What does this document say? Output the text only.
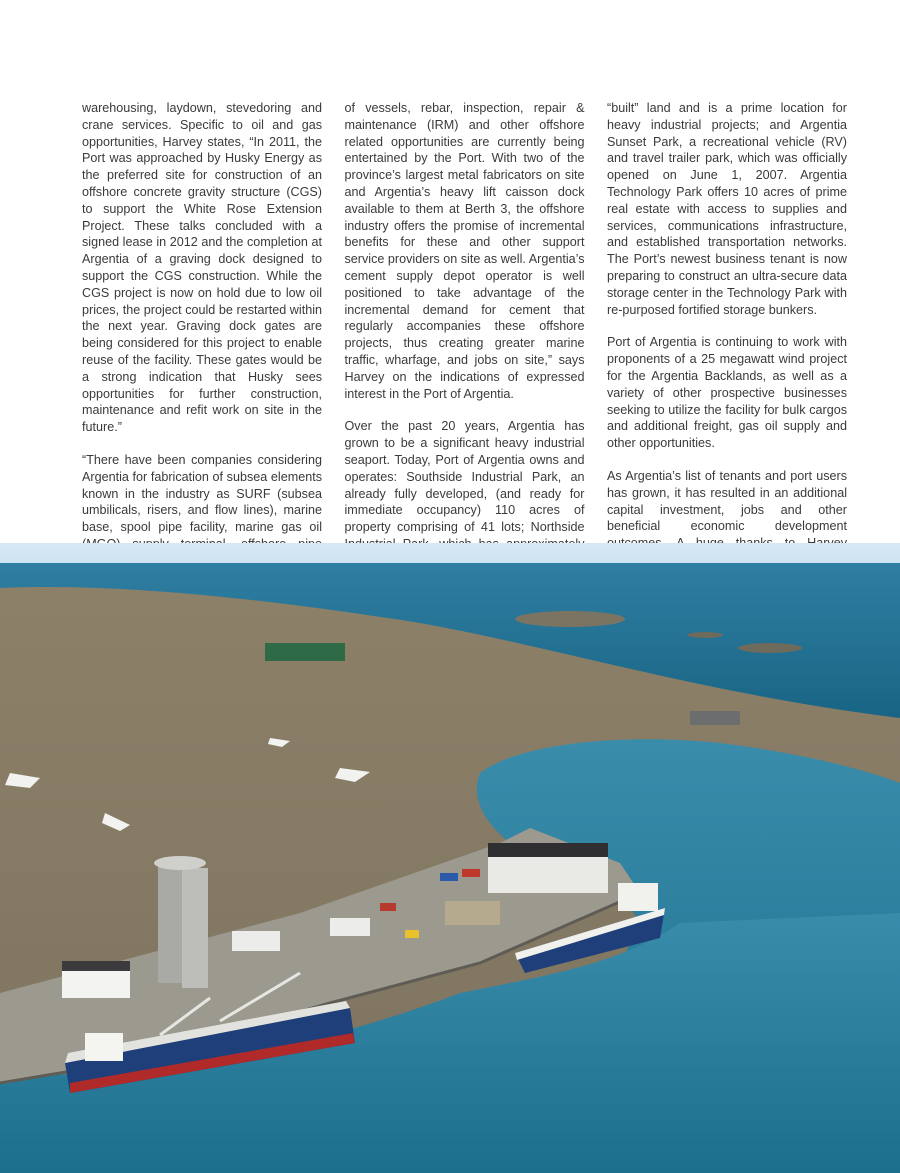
warehousing, laydown, stevedoring and crane services. Specific to oil and gas opportunities, Harvey states, “In 2011, the Port was approached by Husky Energy as the preferred site for construction of an offshore concrete gravity structure (CGS) to support the White Rose Extension Project. These talks concluded with a signed lease in 2012 and the completion at Argentia of a graving dock designed to support the CGS construction. While the CGS project is now on hold due to low oil prices, the project could be restarted within the next year. Graving dock gates are being considered for this project to enable reuse of the facility. These gates would be a strong indication that Husky sees opportunities for further construction, maintenance and refit work on site in the future.”

“There have been companies considering Argentia for fabrication of subsea elements known in the industry as SURF (subsea umbilicals, risers, and flow lines), marine base, spool pipe facility, marine gas oil

of vessels, rebar, inspection, repair & maintenance (IRM) and other offshore related opportunities are currently being entertained by the Port. With two of the province’s largest metal fabricators on site and Argentia’s heavy lift caisson dock available to them at Berth 3, the offshore industry offers the promise of incremental benefits for these and other support service providers on site as well. Argentia’s cement supply depot operator is well positioned to take advantage of the incremental demand for cement that regularly accompanies these offshore projects, thus creating greater marine traffic, wharfage, and jobs on site,” says Harvey on the indications of expressed interest in the Port of Argentia.

Over the past 20 years, Argentia has grown to be a significant heavy industrial seaport. Today, Port of Argentia owns and operates: Southside Industrial Park, an already fully developed, (and ready for immediate occupancy) 110 acres of property comprising of 41 lots; Northside

“built” land and is a prime location for heavy industrial projects; and Argentia Sunset Park, a recreational vehicle (RV) and travel trailer park, which was officially opened on June 1, 2007. Argentia Technology Park offers 10 acres of prime real estate with access to supplies and services, communications infrastructure, and established transportation networks. The Port’s newest business tenant is now preparing to construct an ultra-secure data storage center in the Technology Park with re-purposed fortified storage bunkers.

Port of Argentia is continuing to work with proponents of a 25 megawatt wind project for the Argentia Backlands, as well as a variety of other prospective businesses seeking to utilize the facility for bulk cargos and additional freight, gas oil supply and other opportunities.

As Argentia’s list of tenants and port users has grown, it has resulted in an additional capital investment, jobs and other beneficial economic development
